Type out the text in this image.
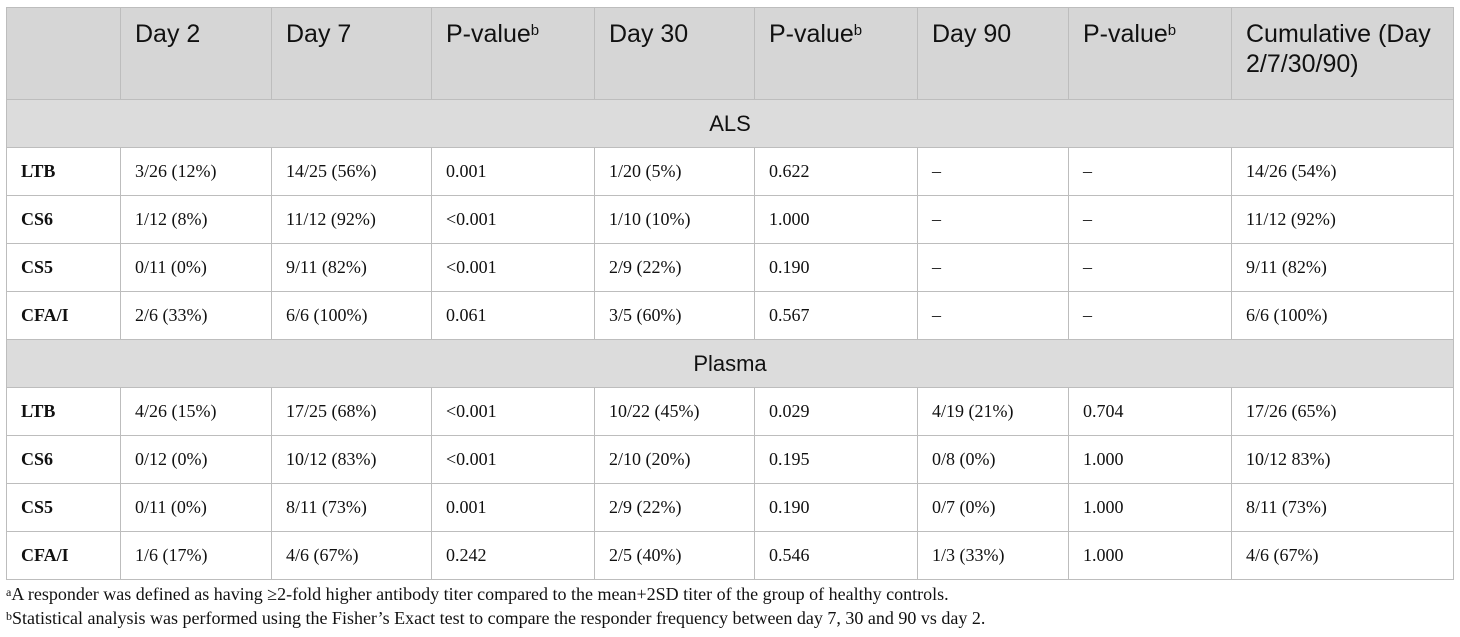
	Day 2	Day 7	P-value$^b$	Day 30	P-value$^b$	Day 90	P-value$^b$	Cumulative (Day 2/7/30/90)
ALS								
LTB	3/26 (12%)	14/25 (56%)	0.001	1/20 (5%)	0.622	–	–	14/26 (54%)
CS6	1/12 (8%)	11/12 (92%)	<0.001	1/10 (10%)	1.000	–	–	11/12 (92%)
CS5	0/11 (0%)	9/11 (82%)	<0.001	2/9 (22%)	0.190	–	–	9/11 (82%)
CFA/I	2/6 (33%)	6/6 (100%)	0.061	3/5 (60%)	0.567	–	–	6/6 (100%)
Plasma								
LTB	4/26 (15%)	17/25 (68%)	<0.001	10/22 (45%)	0.029	4/19 (21%)	0.704	17/26 (65%)
CS6	0/12 (0%)	10/12 (83%)	<0.001	2/10 (20%)	0.195	0/8 (0%)	1.000	10/12 83%)
CS5	0/11 (0%)	8/11 (73%)	0.001	2/9 (22%)	0.190	0/7 (0%)	1.000	8/11 (73%)
CFA/I	1/6 (17%)	4/6 (67%)	0.242	2/5 (40%)	0.546	1/3 (33%)	1.000	4/6 (67%)
$^a$A responder was defined as having ≥2-fold higher antibody titer compared to the mean+2SD titer of the group of healthy controls.
$^b$Statistical analysis was performed using the Fisher’s Exact test to compare the responder frequency between day 7, 30 and 90 vs day 2.
